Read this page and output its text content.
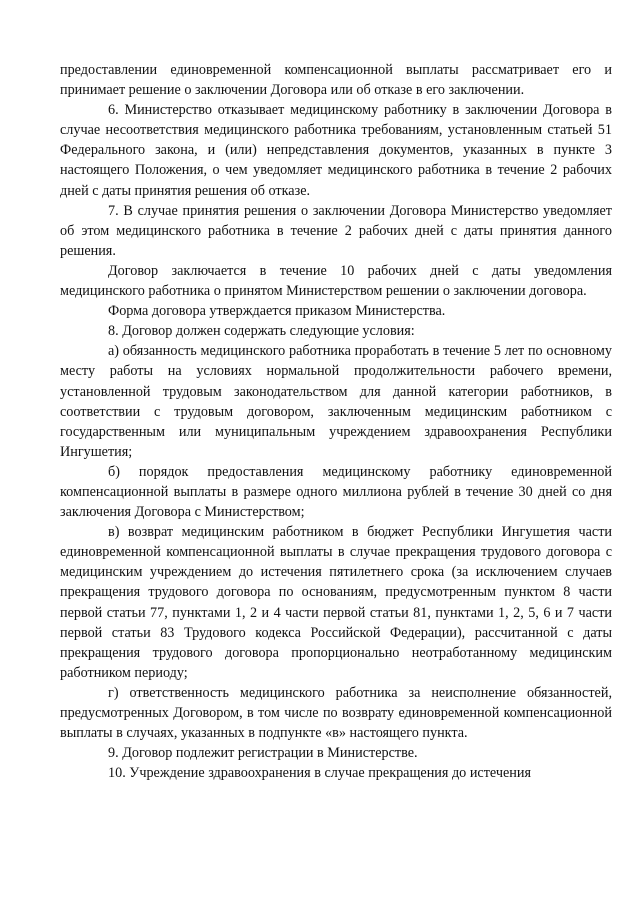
предоставлении единовременной компенсационной выплаты рассматривает его и принимает решение о заключении Договора или об отказе в его заключении.

6. Министерство отказывает медицинскому работнику в заключении Договора в случае несоответствия медицинского работника требованиям, установленным статьей 51 Федерального закона, и (или) непредставления документов, указанных в пункте 3 настоящего Положения, о чем уведомляет медицинского работника в течение 2 рабочих дней с даты принятия решения об отказе.

7. В случае принятия решения о заключении Договора Министерство уведомляет об этом медицинского работника в течение 2 рабочих дней с даты принятия данного решения.

Договор заключается в течение 10 рабочих дней с даты уведомления медицинского работника о принятом Министерством решении о заключении договора.

Форма договора утверждается приказом Министерства.

8. Договор должен содержать следующие условия:

а) обязанность медицинского работника проработать в течение 5 лет по основному месту работы на условиях нормальной продолжительности рабочего времени, установленной трудовым законодательством для данной категории работников, в соответствии с трудовым договором, заключенным медицинским работником с государственным или муниципальным учреждением здравоохранения Республики Ингушетия;

б) порядок предоставления медицинскому работнику единовременной компенсационной выплаты в размере одного миллиона рублей в течение 30 дней со дня заключения Договора с Министерством;

в) возврат медицинским работником в бюджет Республики Ингушетия части единовременной компенсационной выплаты в случае прекращения трудового договора с медицинским учреждением до истечения пятилетнего срока (за исключением случаев прекращения трудового договора по основаниям, предусмотренным пунктом 8 части первой статьи 77, пунктами 1, 2 и 4 части первой статьи 81, пунктами 1, 2, 5, 6 и 7 части первой статьи 83 Трудового кодекса Российской Федерации), рассчитанной с даты прекращения трудового договора пропорционально неотработанному медицинским работником периоду;

г) ответственность медицинского работника за неисполнение обязанностей, предусмотренных Договором, в том числе по возврату единовременной компенсационной выплаты в случаях, указанных в подпункте «в» настоящего пункта.

9. Договор подлежит регистрации в Министерстве.

10. Учреждение здравоохранения в случае прекращения до истечения
